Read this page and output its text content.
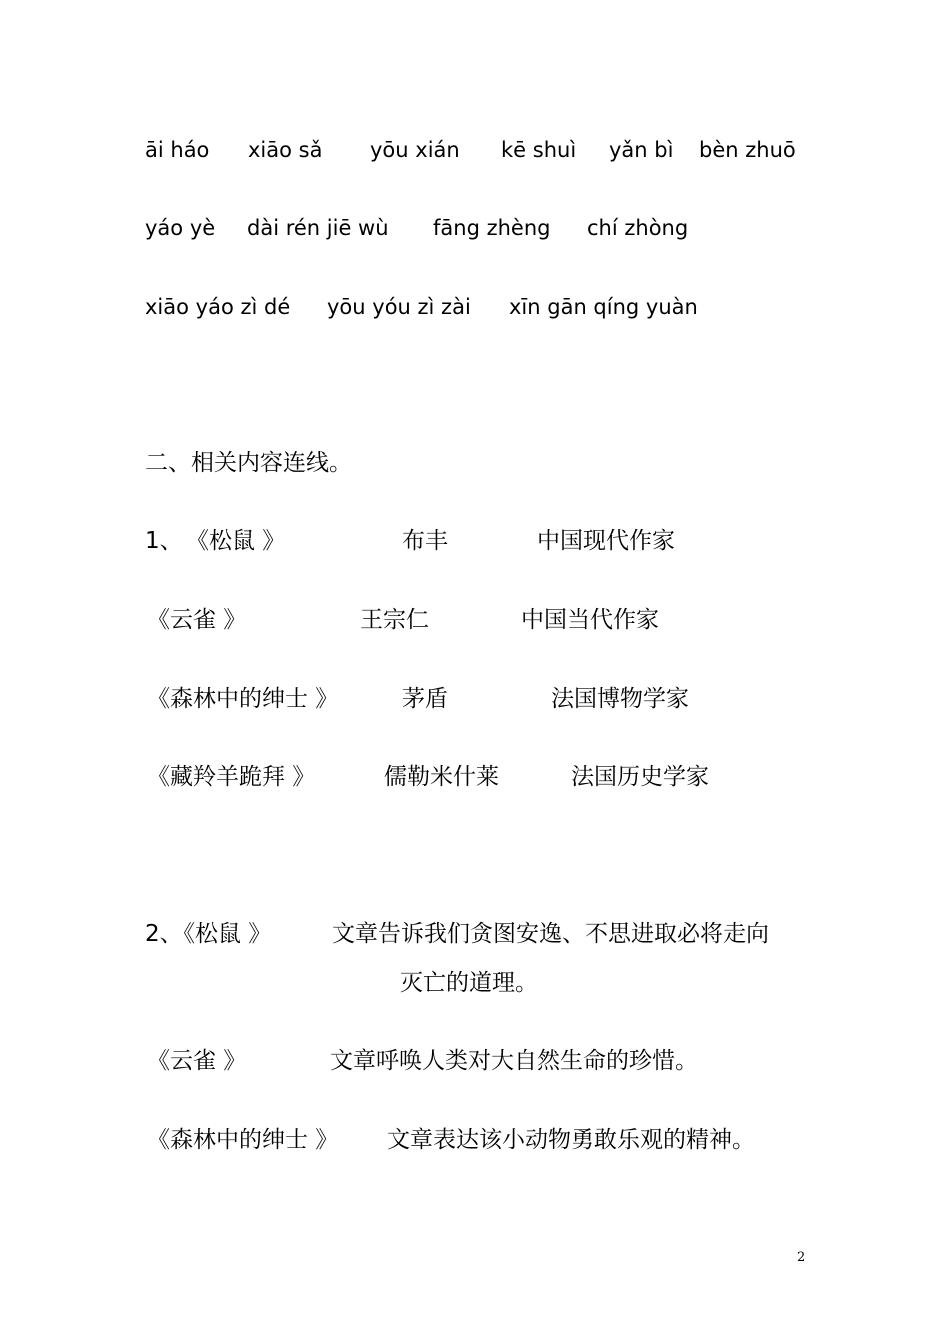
āi háo xiāo sǎ yōu xián kē shuì yǎn bì bèn zhuō
yáo yè dài rén jiē wù fāng zhèng chí zhòng
xiāo yáo zì dé yōu yóu zì zài xīn gān qíng yuàn
二、相关内容连线。
1、 《松鼠 》	布丰	中国现代作家
《云雀 》	王宗仁	中国当代作家
《森林中的绅士 》	茅盾	法国博物学家
《藏羚羊跪拜 》	儒勒米什莱	法国历史学家
2、
《松鼠 》	文章告诉我们贪图安逸、不思进取必将走向
灭亡的道理。
《云雀 》	文章呼唤人类对大自然生命的珍惜。
《森林中的绅士 》 文章表达该小动物勇敢乐观的精神。
2
